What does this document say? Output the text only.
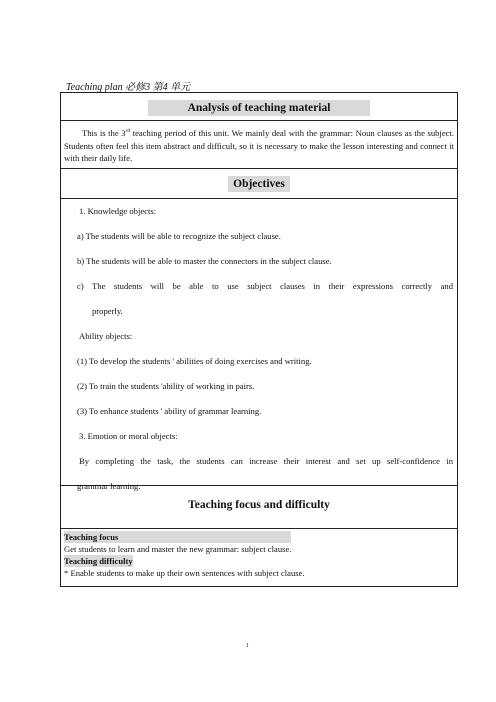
Teaching plan 必修3 第4 单元
Analysis of teaching material

This is the 3rd teaching period of this unit. We mainly deal with the grammar: Noun clauses as the subject. Students often feel this item abstract and difficult, so it is necessary to make the lesson interesting and connect it with their daily life.

Objectives

1. Knowledge objects:

a) The students will be able to recognize the subject clause.

b) The students will be able to master the connectors in the subject clause.

c) The students will be able to use subject clauses in their expressions correctly and

properly.

Ability objects:

(1) To develop the students ' abilities of doing exercises and writing.

(2) To train the students 'ability of working in pairs.

(3) To enhance students ' ability of grammar learning.

3. Emotion or moral objects:

By completing the task, the students can increase their interest and set up self-confidence in

grammar learning.

Teaching focus and difficulty

Teaching focus
Get students to learn and master the new grammar: subject clause.
Teaching difficulty
* Enable students to make up their own sentences with subject clause.
1
